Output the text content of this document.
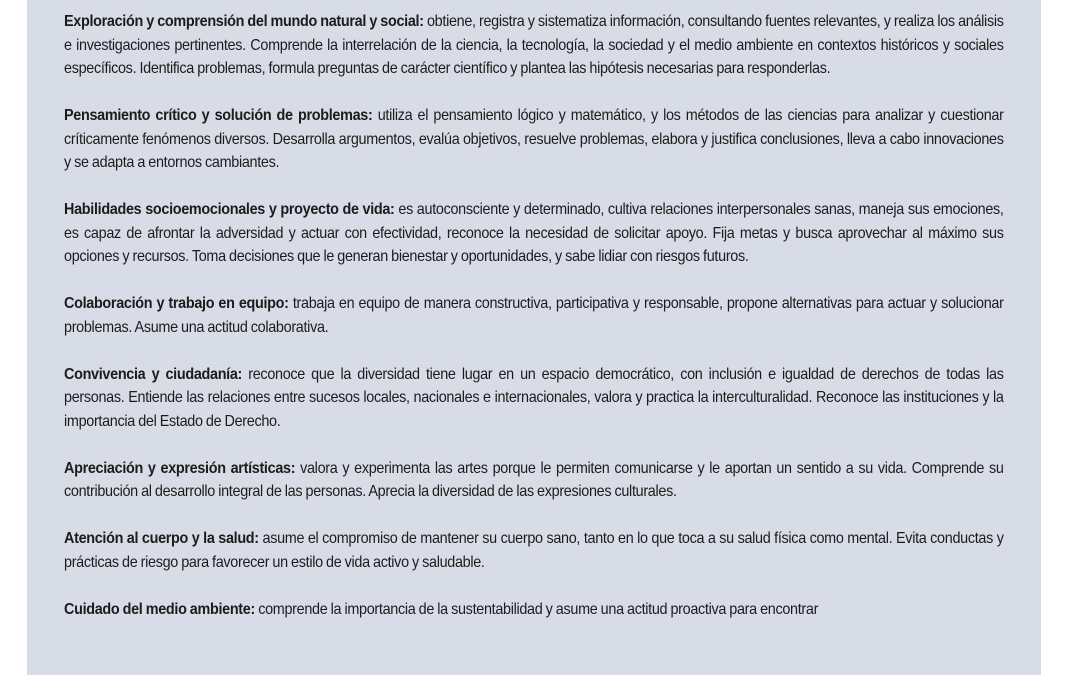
Exploración y comprensión del mundo natural y social: obtiene, registra y sistematiza información, consultando fuentes relevantes, y realiza los análisis e investigaciones pertinentes. Comprende la interrelación de la ciencia, la tecnología, la sociedad y el medio ambiente en contextos históricos y sociales específicos. Identifica problemas, formula preguntas de carácter científico y plantea las hipótesis necesarias para responderlas.

Pensamiento crítico y solución de problemas: utiliza el pensamiento lógico y matemático, y los métodos de las ciencias para analizar y cuestionar críticamente fenómenos diversos. Desarrolla argumentos, evalúa objetivos, resuelve problemas, elabora y justifica conclusiones, lleva a cabo innovaciones y se adapta a entornos cambiantes.

Habilidades socioemocionales y proyecto de vida: es autoconsciente y determinado, cultiva relaciones interpersonales sanas, maneja sus emociones, es capaz de afrontar la adversidad y actuar con efectividad, reconoce la necesidad de solicitar apoyo. Fija metas y busca aprovechar al máximo sus opciones y recursos. Toma decisiones que le generan bienestar y oportunidades, y sabe lidiar con riesgos futuros.

Colaboración y trabajo en equipo: trabaja en equipo de manera constructiva, participativa y responsable, propone alternativas para actuar y solucionar problemas. Asume una actitud colaborativa.

Convivencia y ciudadanía: reconoce que la diversidad tiene lugar en un espacio democrático, con inclusión e igualdad de derechos de todas las personas. Entiende las relaciones entre sucesos locales, nacionales e internacionales, valora y practica la interculturalidad. Reconoce las instituciones y la importancia del Estado de Derecho.

Apreciación y expresión artísticas: valora y experimenta las artes porque le permiten comunicarse y le aportan un sentido a su vida. Comprende su contribución al desarrollo integral de las personas. Aprecia la diversidad de las expresiones culturales.

Atención al cuerpo y la salud: asume el compromiso de mantener su cuerpo sano, tanto en lo que toca a su salud física como mental. Evita conductas y prácticas de riesgo para favorecer un estilo de vida activo y saludable.

Cuidado del medio ambiente: comprende la importancia de la sustentabilidad y asume una actitud proactiva para encontrar
